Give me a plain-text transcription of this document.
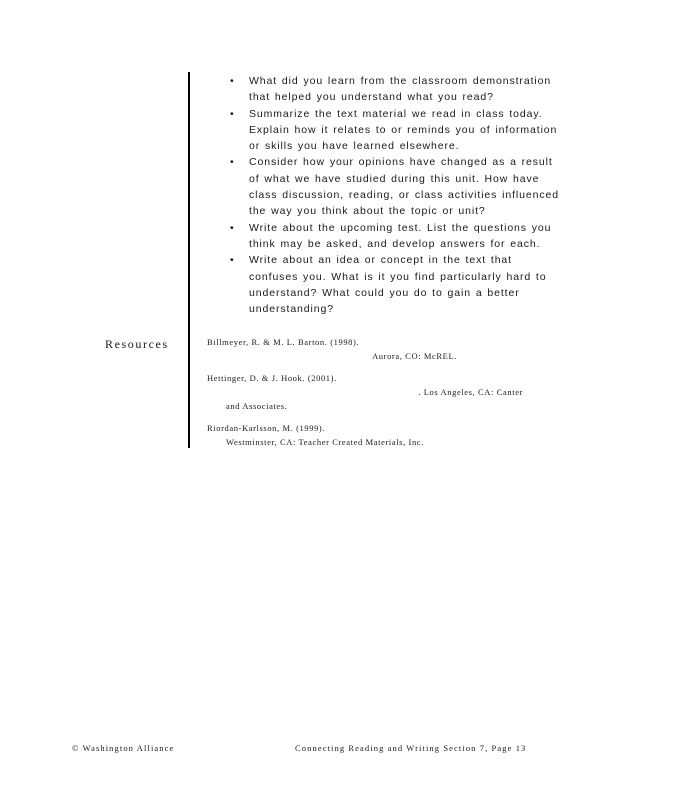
Resources
• What did you learn from the classroom demonstration that helped you understand what you read?
• Summarize the text material we read in class today. Explain how it relates to or reminds you of information or skills you have learned elsewhere.
• Consider how your opinions have changed as a result of what we have studied during this unit. How have class discussion, reading, or class activities influenced the way you think about the topic or unit?
• Write about the upcoming test. List the questions you think may be asked, and develop answers for each.
• Write about an idea or concept in the text that confuses you. What is it you find particularly hard to understand? What could you do to gain a better understanding?
Billmeyer, R. & M. L. Barton. (1998).
Aurora, CO: McREL.
Hettinger, D. & J. Hook. (2001).
. Los Angeles, CA: Canter
and Associates.
Riordan-Karlsson, M. (1999).
Westminster, CA: Teacher Created Materials, Inc.
© Washington Alliance	Connecting Reading and Writing Section 7, Page 13
